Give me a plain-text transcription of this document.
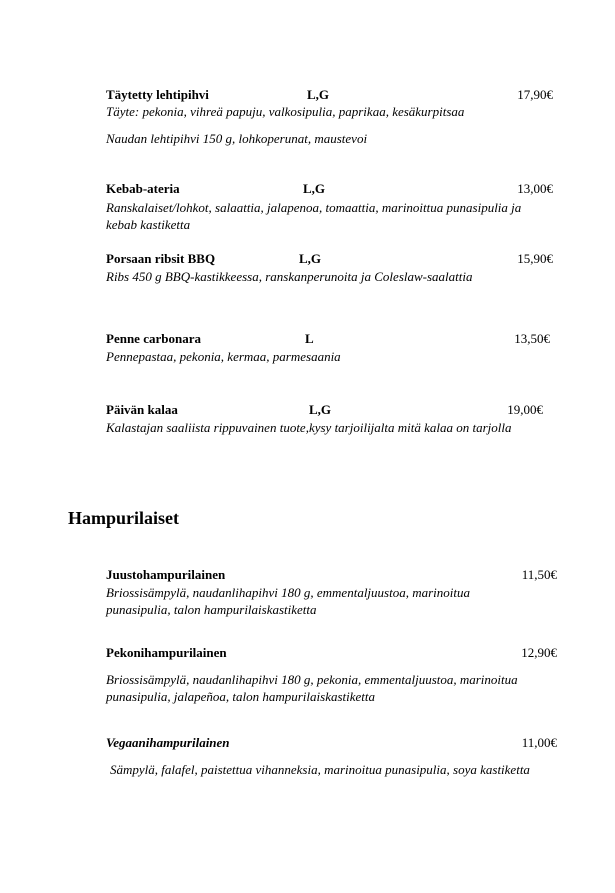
Täytetty lehtipihvi	L,G	17,90€
Täyte: pekonia, vihreä papuju, valkosipulia, paprikaa, kesäkurpitsaa
Naudan lehtipihvi 150 g, lohkoperunat, maustevoi
Kebab-ateria	L,G	13,00€
Ranskalaiset/lohkot, salaattia, jalapenoa, tomaattia, marinoittua punasipulia ja kebab kastiketta
Porsaan ribsit BBQ	L,G	15,90€
Ribs 450 g BBQ-kastikkeessa, ranskanperunoita ja Coleslaw-saalattia
Penne carbonara	L	13,50€
Pennepastaa, pekonia, kermaa, parmesaania
Päivän kalaa	L,G	19,00€
Kalastajan saaliista rippuvainen tuote,kysy tarjoilijalta mitä kalaa on tarjolla
Hampurilaiset
Juustohampurilainen	11,50€
Briossisämpylä, naudanlihapihvi 180 g, emmentaljuustoa, marinoitua punasipulia, talon hampurilaiskastiketta
Pekonihampurilainen	12,90€
Briossisämpylä, naudanlihapihvi 180 g, pekonia, emmentaljuustoa, marinoitua punasipulia, jalapeñoa, talon hampurilaiskastiketta
Vegaanihampurilainen	11,00€
Sämpylä, falafel, paistettua vihanneksia, marinoitua punasipulia, soya kastiketta
